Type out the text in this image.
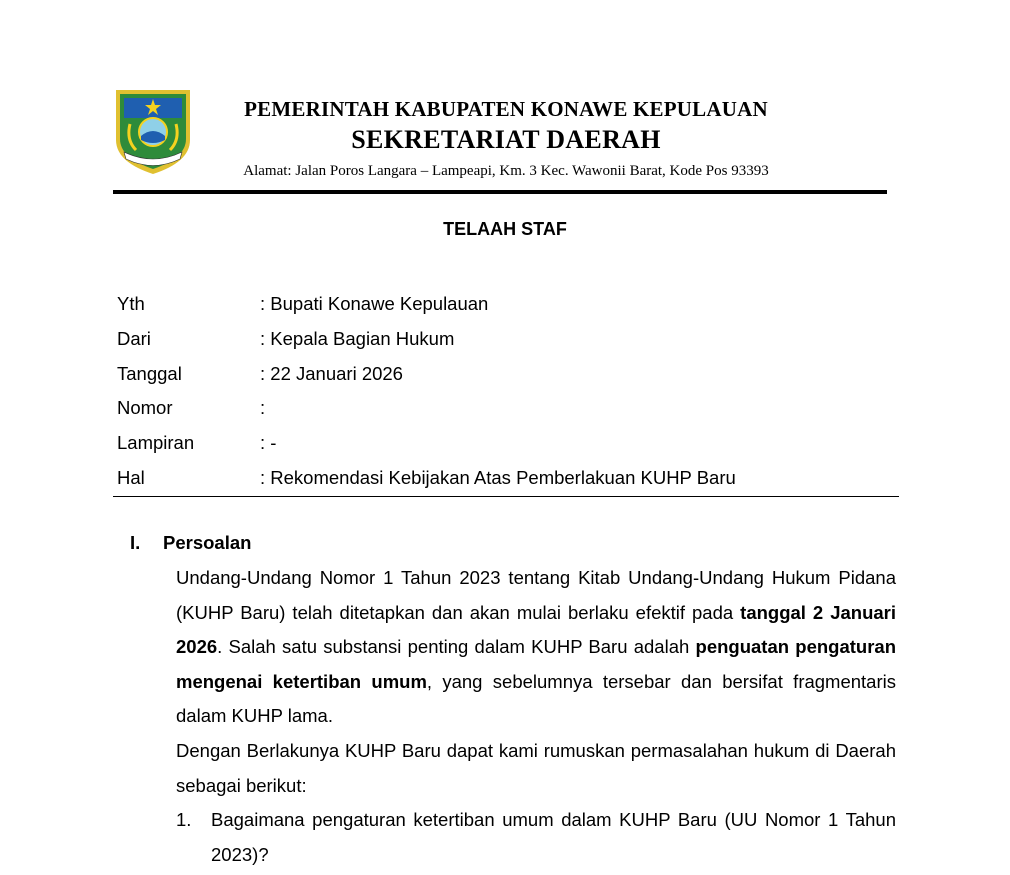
PEMERINTAH KABUPATEN KONAWE KEPULAUAN
SEKRETARIAT DAERAH
Alamat: Jalan Poros Langara – Lampeapi, Km. 3 Kec. Wawonii Barat, Kode Pos 93393
TELAAH STAF
Yth	: Bupati Konawe Kepulauan
Dari	: Kepala Bagian Hukum
Tanggal	: 22 Januari 2026
Nomor	:
Lampiran	: -
Hal	: Rekomendasi Kebijakan Atas Pemberlakuan KUHP Baru
I.	Persoalan
Undang-Undang Nomor 1 Tahun 2023 tentang Kitab Undang-Undang Hukum Pidana (KUHP Baru) telah ditetapkan dan akan mulai berlaku efektif pada tanggal 2 Januari 2026. Salah satu substansi penting dalam KUHP Baru adalah penguatan pengaturan mengenai ketertiban umum, yang sebelumnya tersebar dan bersifat fragmentaris dalam KUHP lama.
Dengan Berlakunya KUHP Baru dapat kami rumuskan permasalahan hukum di Daerah sebagai berikut:
1.	Bagaimana pengaturan ketertiban umum dalam KUHP Baru (UU Nomor 1 Tahun 2023)?
